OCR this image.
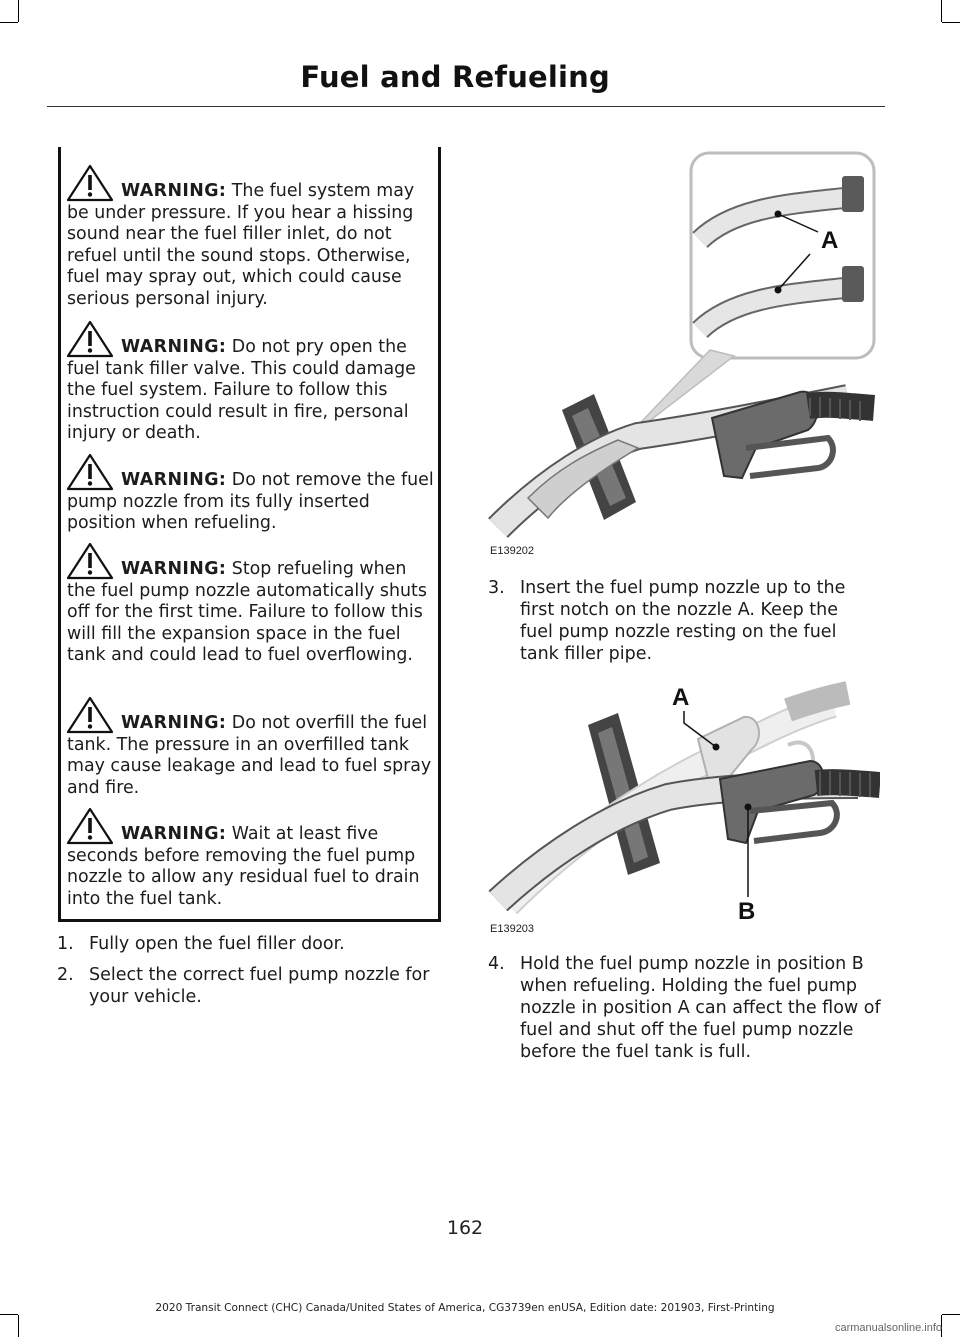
Fuel and Refueling
WARNING: The fuel system may be under pressure. If you hear a hissing sound near the fuel filler inlet, do not refuel until the sound stops. Otherwise, fuel may spray out, which could cause serious personal injury.
WARNING: Do not pry open the fuel tank filler valve. This could damage the fuel system. Failure to follow this instruction could result in fire, personal injury or death.
WARNING: Do not remove the fuel pump nozzle from its fully inserted position when refueling.
WARNING: Stop refueling when the fuel pump nozzle automatically shuts off for the first time. Failure to follow this will fill the expansion space in the fuel tank and could lead to fuel overflowing.
WARNING: Do not overfill the fuel tank. The pressure in an overfilled tank may cause leakage and lead to fuel spray and fire.
WARNING: Wait at least five seconds before removing the fuel pump nozzle to allow any residual fuel to drain into the fuel tank.
1. Fully open the fuel filler door.
2. Select the correct fuel pump nozzle for your vehicle.
A
E139202
3. Insert the fuel pump nozzle up to the first notch on the nozzle A. Keep the fuel pump nozzle resting on the fuel tank filler pipe.
A
B
E139203
4. Hold the fuel pump nozzle in position B when refueling. Holding the fuel pump nozzle in position A can affect the flow of fuel and shut off the fuel pump nozzle before the fuel tank is full.
162
2020 Transit Connect (CHC) Canada/United States of America, CG3739en enUSA, Edition date: 201903, First-Printing
carmanualsonline.info
